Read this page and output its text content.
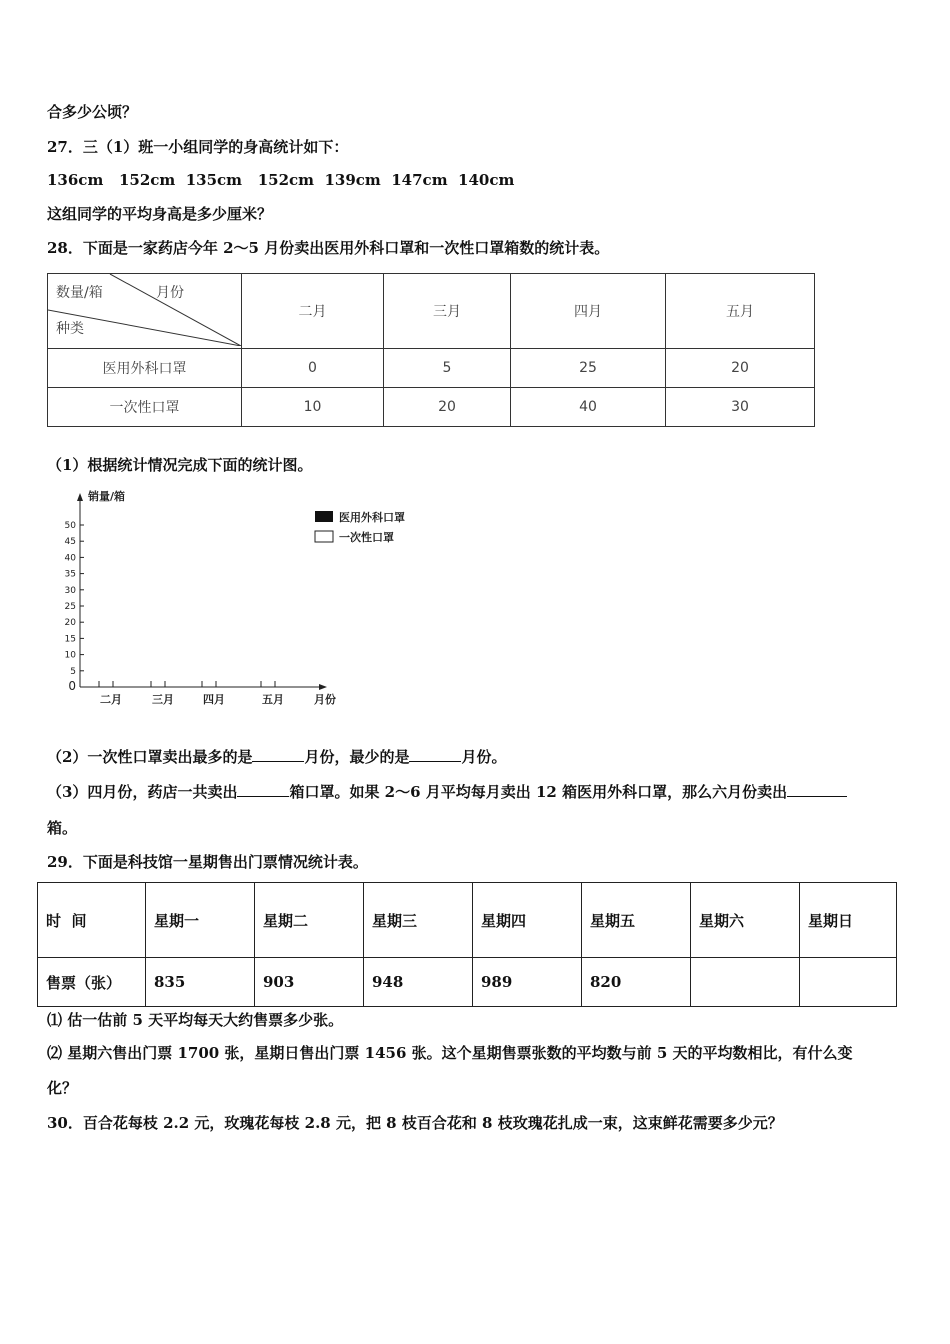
合多少公顷？
27．三（1）班一小组同学的身高统计如下：
136cm   152cm  135cm   152cm  139cm  147cm  140cm
这组同学的平均身高是多少厘米？
28．下面是一家药店今年 2～5 月份卖出医用外科口罩和一次性口罩箱数的统计表。
数量/箱 月份
种类	二月	三月	四月	五月
医用外科口罩	0	5	25	20
一次性口罩	10	20	40	30
（1）根据统计情况完成下面的统计图。
销量/箱
0
5
10
15
20
25
30
35
40
45
50
二月	三月	四月	五月	月份
医用外科口罩
一次性口罩
（2）一次性口罩卖出最多的是	月份，最少的是	月份。
（3）四月份，药店一共卖出	箱口罩。如果 2～6 月平均每月卖出 12 箱医用外科口罩，那么六月份卖出
箱。
29．下面是科技馆一星期售出门票情况统计表。
时  间	星期一	星期二	星期三	星期四	星期五	星期六	星期日
售票（张）	835	903	948	989	820		
⑴ 估一估前 5 天平均每天大约售票多少张。
⑵ 星期六售出门票 1700 张，星期日售出门票 1456 张。这个星期售票张数的平均数与前 5 天的平均数相比，有什么变
化？
30．百合花每枝 2.2 元，玫瑰花每枝 2.8 元，把 8 枝百合花和 8 枝玫瑰花扎成一束，这束鲜花需要多少元？
